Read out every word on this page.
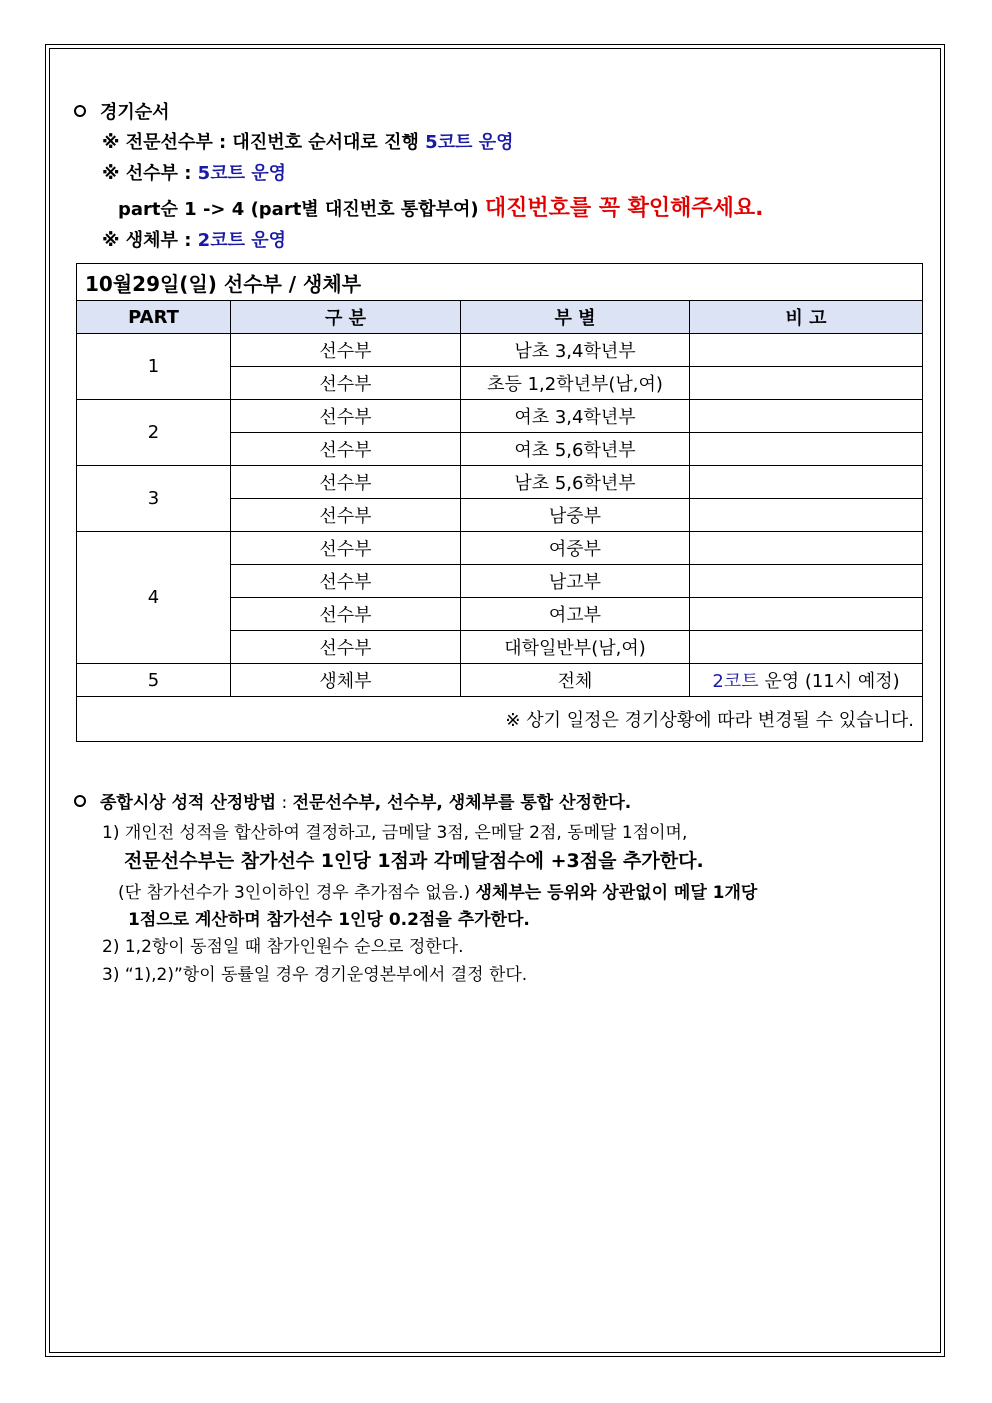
경기순서
※ 전문선수부 : 대진번호 순서대로 진행 5코트 운영
※ 선수부 : 5코트 운영
part순 1 -> 4 (part별 대진번호 통합부여) 대진번호를 꼭 확인해주세요.
※ 생체부 : 2코트 운영
10월29일(일) 선수부 / 생체부			
PART	구 분	부 별	비 고
1	선수부	남초 3,4학년부	
	선수부	초등 1,2학년부(남,여)	
2	선수부	여초 3,4학년부	
	선수부	여초 5,6학년부	
3	선수부	남초 5,6학년부	
	선수부	남중부	
4	선수부	여중부	
	선수부	남고부	
	선수부	여고부	
	선수부	대학일반부(남,여)	
5	생체부	전체	2코트 운영 (11시 예정)
※ 상기 일정은 경기상황에 따라 변경될 수 있습니다.			
종합시상 성적 산정방법 : 전문선수부, 선수부, 생체부를 통합 산정한다.
1) 개인전 성적을 합산하여 결정하고, 금메달 3점, 은메달 2점, 동메달 1점이며,
전문선수부는 참가선수 1인당 1점과 각메달점수에 +3점을 추가한다.
(단 참가선수가 3인이하인 경우 추가점수 없음.) 생체부는 등위와 상관없이 메달 1개당
1점으로 계산하며 참가선수 1인당 0.2점을 추가한다.
2) 1,2항이 동점일 때 참가인원수 순으로 정한다.
3) “1),2)”항이 동률일 경우 경기운영본부에서 결정 한다.
